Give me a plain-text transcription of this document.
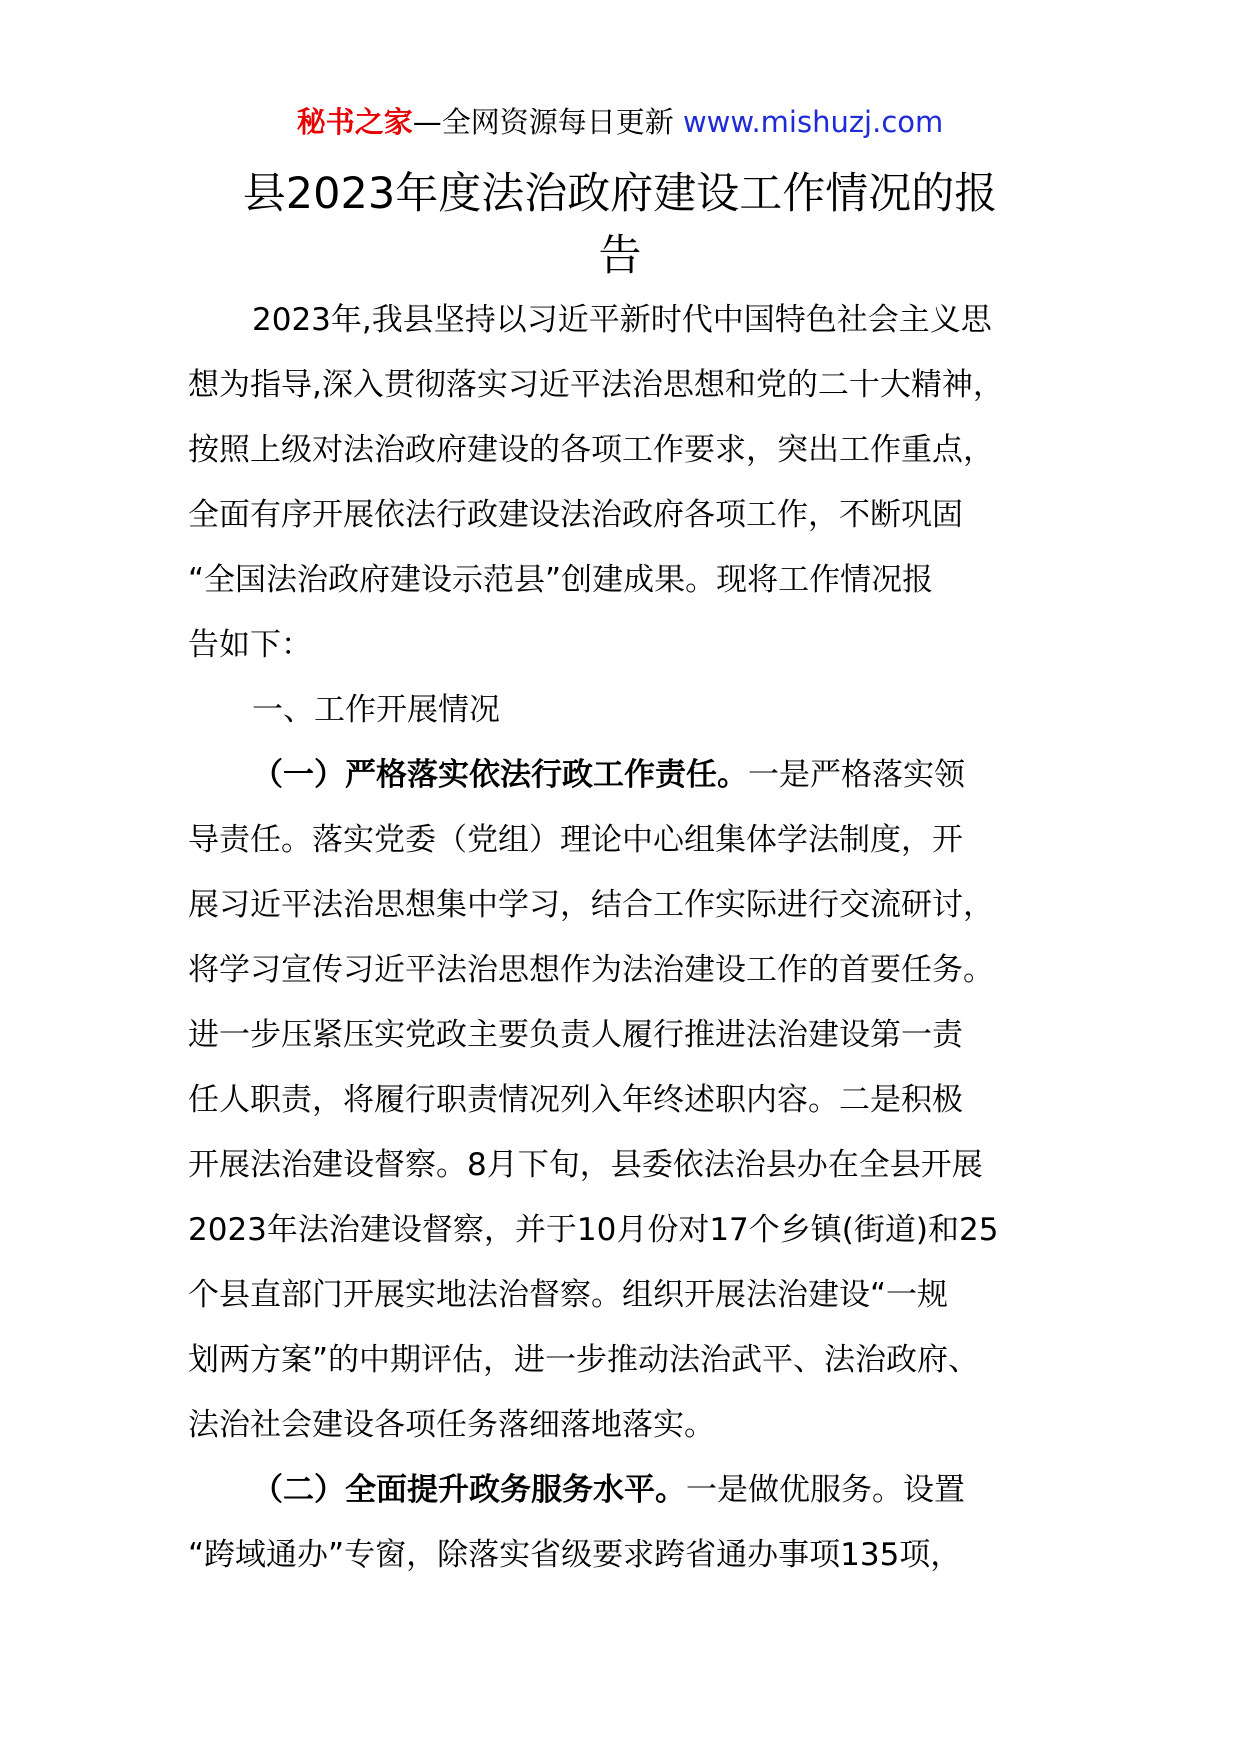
秘书之家—全网资源每日更新 www.mishuzj.com
县2023年度法治政府建设工作情况的报
告
2023年,我县坚持以习近平新时代中国特色社会主义思
想为指导,深入贯彻落实习近平法治思想和党的二十大精神，
按照上级对法治政府建设的各项工作要求，突出工作重点，
全面有序开展依法行政建设法治政府各项工作，不断巩固
“全国法治政府建设示范县”创建成果。现将工作情况报
告如下：
一、工作开展情况
（一）严格落实依法行政工作责任。一是严格落实领
导责任。落实党委（党组）理论中心组集体学法制度，开
展习近平法治思想集中学习，结合工作实际进行交流研讨，
将学习宣传习近平法治思想作为法治建设工作的首要任务。
进一步压紧压实党政主要负责人履行推进法治建设第一责
任人职责，将履行职责情况列入年终述职内容。二是积极
开展法治建设督察。8月下旬，县委依法治县办在全县开展
2023年法治建设督察，并于10月份对17个乡镇(街道)和25
个县直部门开展实地法治督察。组织开展法治建设“一规
划两方案”的中期评估，进一步推动法治武平、法治政府、
法治社会建设各项任务落细落地落实。
（二）全面提升政务服务水平。一是做优服务。设置
“跨域通办”专窗，除落实省级要求跨省通办事项135项，
